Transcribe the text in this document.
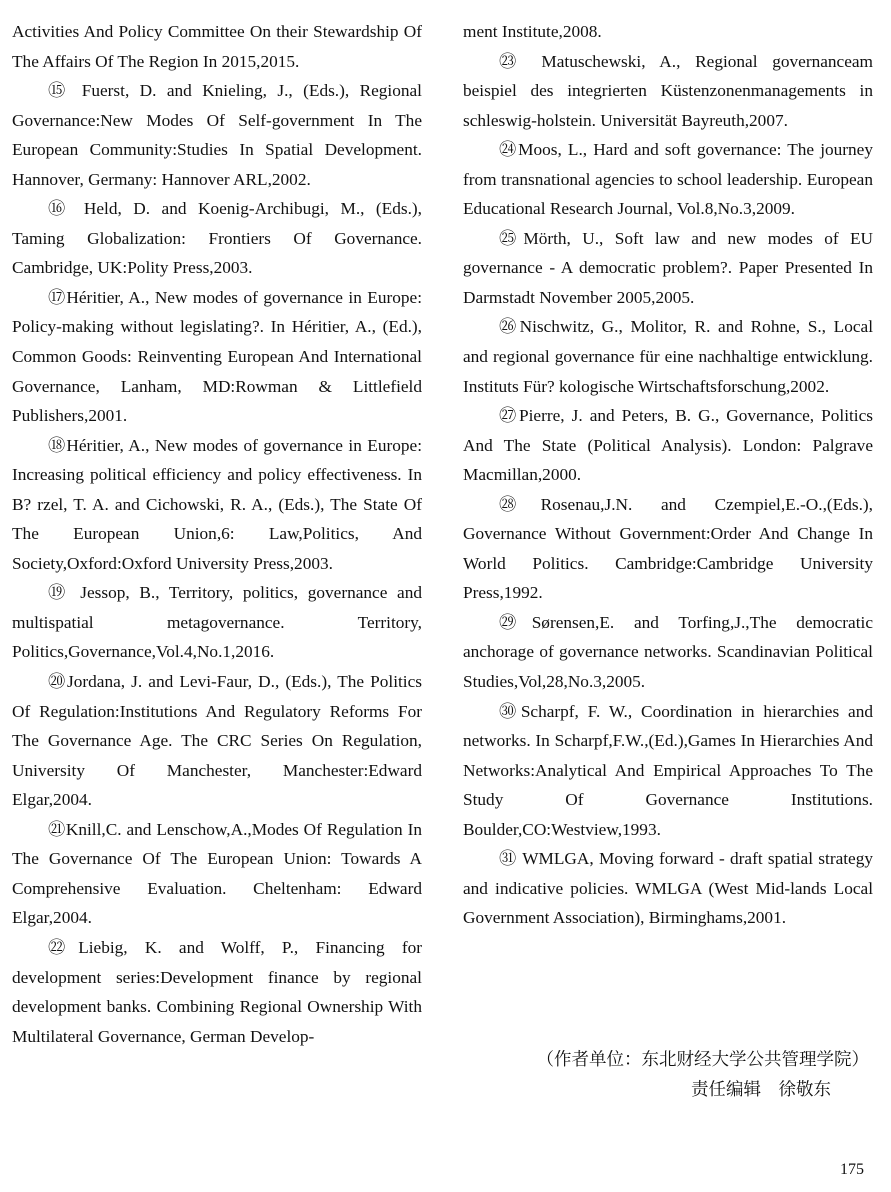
Activities And Policy Committee On their Stewardship Of The Affairs Of The Region In 2015,2015.

⑮ Fuerst, D. and Knieling, J., (Eds.), Regional Governance:New Modes Of Self-government In The European Community:Studies In Spatial Development. Hannover, Germany: Hannover ARL,2002.

⑯ Held, D. and Koenig-Archibugi, M., (Eds.), Taming Globalization: Frontiers Of Governance. Cambridge, UK:Polity Press,2003.

⑰Héritier, A., New modes of governance in Europe: Policy-making without legislating?. In Héritier, A., (Ed.), Common Goods: Reinventing European And International Governance, Lanham, MD:Rowman & Littlefield Publishers,2001.

⑱Héritier, A., New modes of governance in Europe: Increasing political efficiency and policy effectiveness. In B? rzel, T. A. and Cichowski, R. A., (Eds.), The State Of The European Union,6: Law,Politics, And Society,Oxford:Oxford University Press,2003.

⑲ Jessop, B., Territory, politics, governance and multispatial metagovernance. Territory, Politics,Governance,Vol.4,No.1,2016.

⑳Jordana, J. and Levi-Faur, D., (Eds.), The Politics Of Regulation:Institutions And Regulatory Reforms For The Governance Age. The CRC Series On Regulation, University Of Manchester, Manchester:Edward Elgar,2004.

㉑Knill,C. and Lenschow,A.,Modes Of Regulation In The Governance Of The European Union: Towards A Comprehensive Evaluation. Cheltenham: Edward Elgar,2004.

㉒Liebig, K. and Wolff, P., Financing for development series:Development finance by regional development banks. Combining Regional Ownership With Multilateral Governance, German Develop-

ment Institute,2008.

㉓ Matuschewski, A., Regional governanceam beispiel des integrierten Küstenzonenmanagements in schleswig-holstein. Universität Bayreuth,2007.

㉔Moos, L., Hard and soft governance: The journey from transnational agencies to school leadership. European Educational Research Journal, Vol.8,No.3,2009.

㉕Mörth, U., Soft law and new modes of EU governance - A democratic problem?. Paper Presented In Darmstadt November 2005,2005.

㉖Nischwitz, G., Molitor, R. and Rohne, S., Local and regional governance für eine nachhaltige entwicklung. Instituts Für? kologische Wirtschaftsforschung,2002.

㉗Pierre, J. and Peters, B. G., Governance, Politics And The State (Political Analysis). London: Palgrave Macmillan,2000.

㉘Rosenau,J.N. and Czempiel,E.-O.,(Eds.), Governance Without Government:Order And Change In World Politics. Cambridge:Cambridge University Press,1992.

㉙Sørensen,E. and Torfing,J.,The democratic anchorage of governance networks. Scandinavian Political Studies,Vol,28,No.3,2005.

㉚Scharpf, F. W., Coordination in hierarchies and networks. In Scharpf,F.W.,(Ed.),Games In Hierarchies And Networks:Analytical And Empirical Approaches To The Study Of Governance Institutions. Boulder,CO:Westview,1993.

㉛ WMLGA, Moving forward - draft spatial strategy and indicative policies. WMLGA (West Mid-lands Local Government Association), Birminghams,2001.

（作者单位：东北财经大学公共管理学院）
责任编辑　徐敬东
175
